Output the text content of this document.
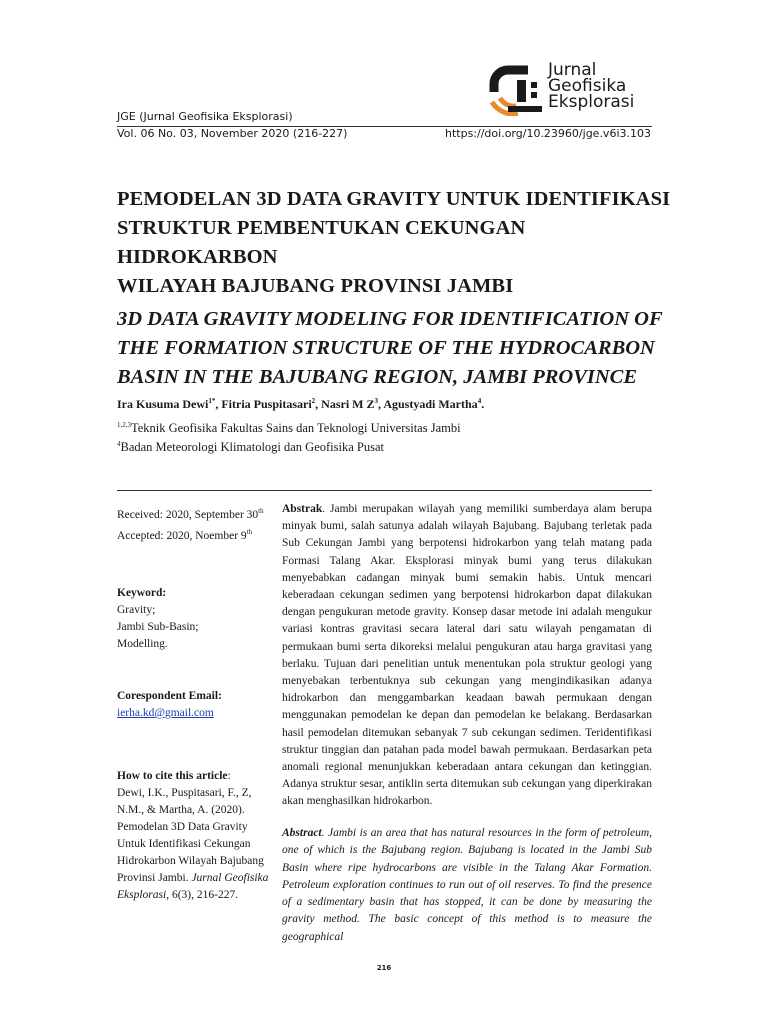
Jurnal
Geofisika
Eksplorasi
JGE (Jurnal Geofisika Eksplorasi)
Vol. 06 No. 03, November 2020 (216-227)	https://doi.org/10.23960/jge.v6i3.103
PEMODELAN 3D DATA GRAVITY UNTUK IDENTIFIKASI
STRUKTUR PEMBENTUKAN CEKUNGAN HIDROKARBON
WILAYAH BAJUBANG PROVINSI JAMBI
3D DATA GRAVITY MODELING FOR IDENTIFICATION OF
THE FORMATION STRUCTURE OF THE HYDROCARBON
BASIN IN THE BAJUBANG REGION, JAMBI PROVINCE
Ira Kusuma Dewi$^{1*}$, Fitria Puspitasari$^2$, Nasri M $Z^3$, Agustyadi Martha$^4$.
$^{1,2,3}$Teknik Geofisika Fakultas Sains dan Teknologi Universitas Jambi
$^4$Badan Meteorologi Klimatologi dan Geofisika Pusat
Received: 2020, September 30th
Accepted: 2020, Noember 9th
Keyword:
Gravity;
Jambi Sub-Basin;
Modelling.
Corespondent Email:
ierha.kd@gmail.com
How to cite this article:
Dewi, I.K., Puspitasari, F., Z, N.M., & Martha, A. (2020). Pemodelan 3D Data Gravity Untuk Identifikasi Cekungan Hidrokarbon Wilayah Bajubang Provinsi Jambi. Jurnal Geofisika Eksplorasi, 6(3), 216-227.
Abstrak. Jambi merupakan wilayah yang memiliki sumberdaya alam berupa minyak bumi, salah satunya adalah wilayah Bajubang. Bajubang terletak pada Sub Cekungan Jambi yang berpotensi hidrokarbon yang telah matang pada Formasi Talang Akar. Eksplorasi minyak bumi yang terus dilakukan menyebabkan cadangan minyak bumi semakin habis. Untuk mencari keberadaan cekungan sedimen yang berpotensi hidrokarbon dapat dilakukan dengan pengukuran metode gravity. Konsep dasar metode ini adalah mengukur variasi kontras gravitasi secara lateral dari satu wilayah pengamatan di permukaan bumi serta dikoreksi melalui pengukuran atau harga gravitasi yang berlaku. Tujuan dari penelitian untuk menentukan pola struktur geologi yang menyebakan terbentuknya sub cekungan yang mengindikasikan adanya hidrokarbon dan menggambarkan keadaan bawah permukaan dengan menggunakan pemodelan ke depan dan pemodelan ke belakang. Berdasarkan hasil pemodelan ditemukan sebanyak 7 sub cekungan sedimen. Teridentifikasi struktur tinggian dan patahan pada model bawah permukaan. Berdasarkan peta anomali regional menunjukkan keberadaan antara cekungan dan ketinggian. Adanya struktur sesar, antiklin serta ditemukan sub cekungan yang diperkirakan akan menghasilkan hidrokarbon.
Abstract. Jambi is an area that has natural resources in the form of petroleum, one of which is the Bajubang region. Bajubang is located in the Jambi Sub Basin where ripe hydrocarbons are visible in the Talang Akar Formation. Petroleum exploration continues to run out of oil reserves. To find the presence of a sedimentary basin that has stopped, it can be done by measuring the gravity method. The basic concept of this method is to measure the geographical
216
